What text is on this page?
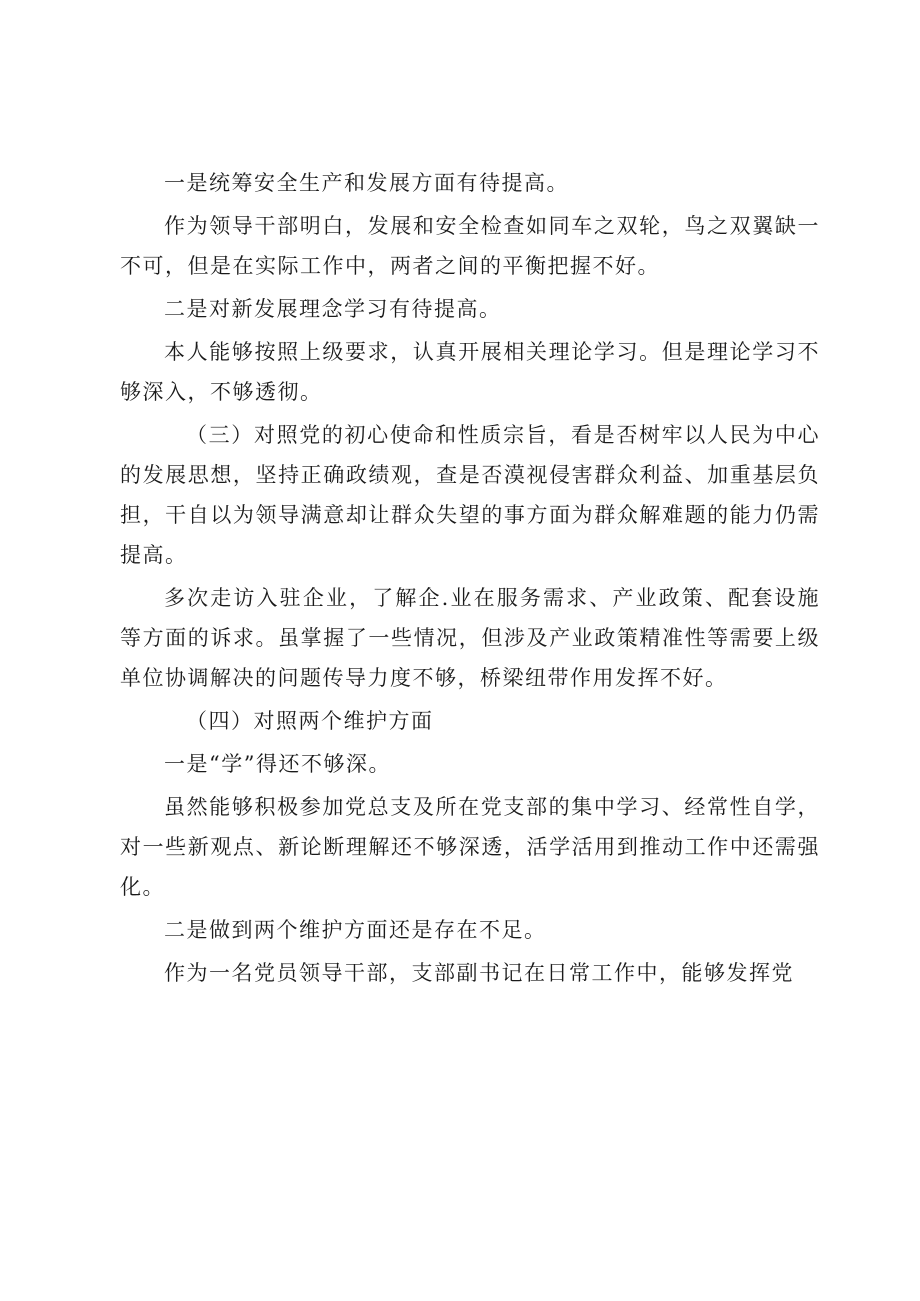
一是统筹安全生产和发展方面有待提高。

作为领导干部明白，发展和安全检查如同车之双轮，鸟之双翼缺一不可，但是在实际工作中，两者之间的平衡把握不好。

二是对新发展理念学习有待提高。

本人能够按照上级要求，认真开展相关理论学习。但是理论学习不够深入，不够透彻。

（三）对照党的初心使命和性质宗旨，看是否树牢以人民为中心的发展思想，坚持正确政绩观，查是否漠视侵害群众利益、加重基层负担，干自以为领导满意却让群众失望的事方面为群众解难题的能力仍需提高。

多次走访入驻企业，了解企.业在服务需求、产业政策、配套设施等方面的诉求。虽掌握了一些情况，但涉及产业政策精准性等需要上级单位协调解决的问题传导力度不够，桥梁纽带作用发挥不好。

（四）对照两个维护方面

一是“学”得还不够深。

虽然能够积极参加党总支及所在党支部的集中学习、经常性自学，对一些新观点、新论断理解还不够深透，活学活用到推动工作中还需强化。

二是做到两个维护方面还是存在不足。

作为一名党员领导干部，支部副书记在日常工作中，能够发挥党
